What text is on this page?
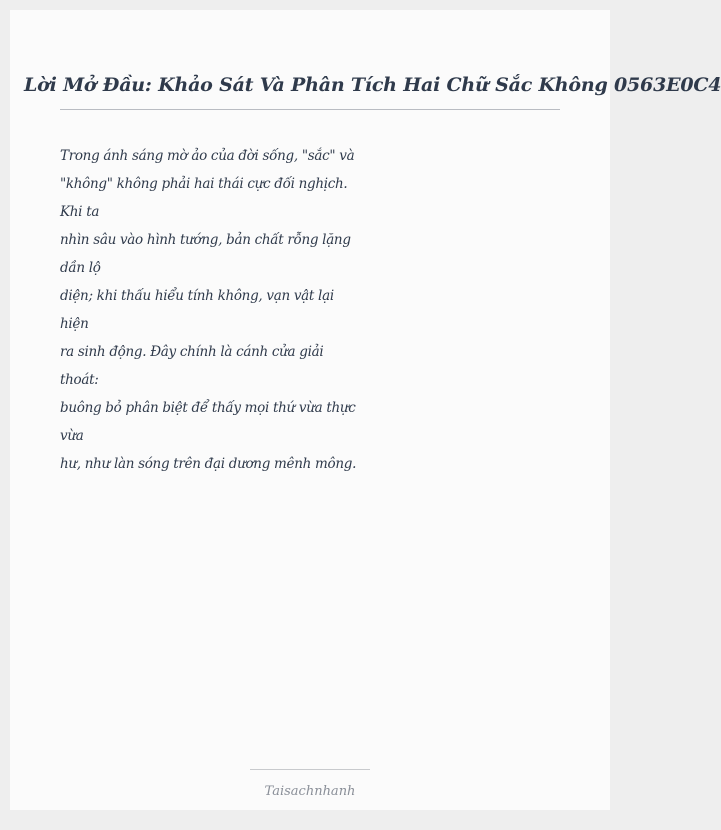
Lời Mở Đầu: Khảo Sát Và Phân Tích Hai Chữ Sắc Không 0563E0C4
Trong ánh sáng mờ ảo của đời sống, "sắc" và
"không" không phải hai thái cực đối nghịch.
Khi ta
nhìn sâu vào hình tướng, bản chất rỗng lặng
dần lộ
diện; khi thấu hiểu tính không, vạn vật lại
hiện
ra sinh động. Đây chính là cánh cửa giải
thoát:
buông bỏ phân biệt để thấy mọi thứ vừa thực
vừa
hư, như làn sóng trên đại dương mênh mông.
Taisachnhanh
